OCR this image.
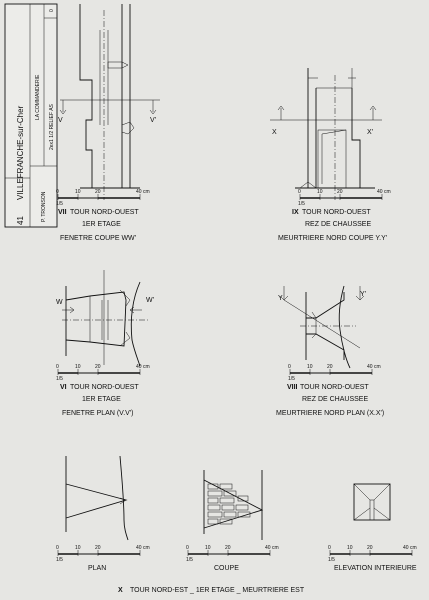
41
VILLEFRANCHE-sur-Cher
LA COMMANDERIE
2ex1 1/2 RELIEF AS
P. TRONSON
0
V	V'
0	10	20	40 cm
1/5
VII TOUR NORD-OUEST
1ER ETAGE
FENETRE COUPE WW'
X	X'
0	10	20	40 cm
1/5
IX TOUR NORD-OUEST
REZ DE CHAUSSEE
MEURTRIERE NORD COUPE Y.Y'
W	W'
0	10	20	40 cm
1/5
VI TOUR NORD-OUEST
1ER ETAGE
FENETRE PLAN (V.V')
Y
Y'
0	10	20	40 cm
1/5
VIII TOUR NORD-OUEST
REZ DE CHAUSSEE
MEURTRIERE NORD PLAN (X.X')
0	10	20	40 cm
1/5
PLAN
0	10	20	40 cm
1/5
COUPE
0	10	20	40 cm
1/5
ELEVATION INTERIEURE
X TOUR NORD-EST _ 1ER ETAGE _ MEURTRIERE EST
